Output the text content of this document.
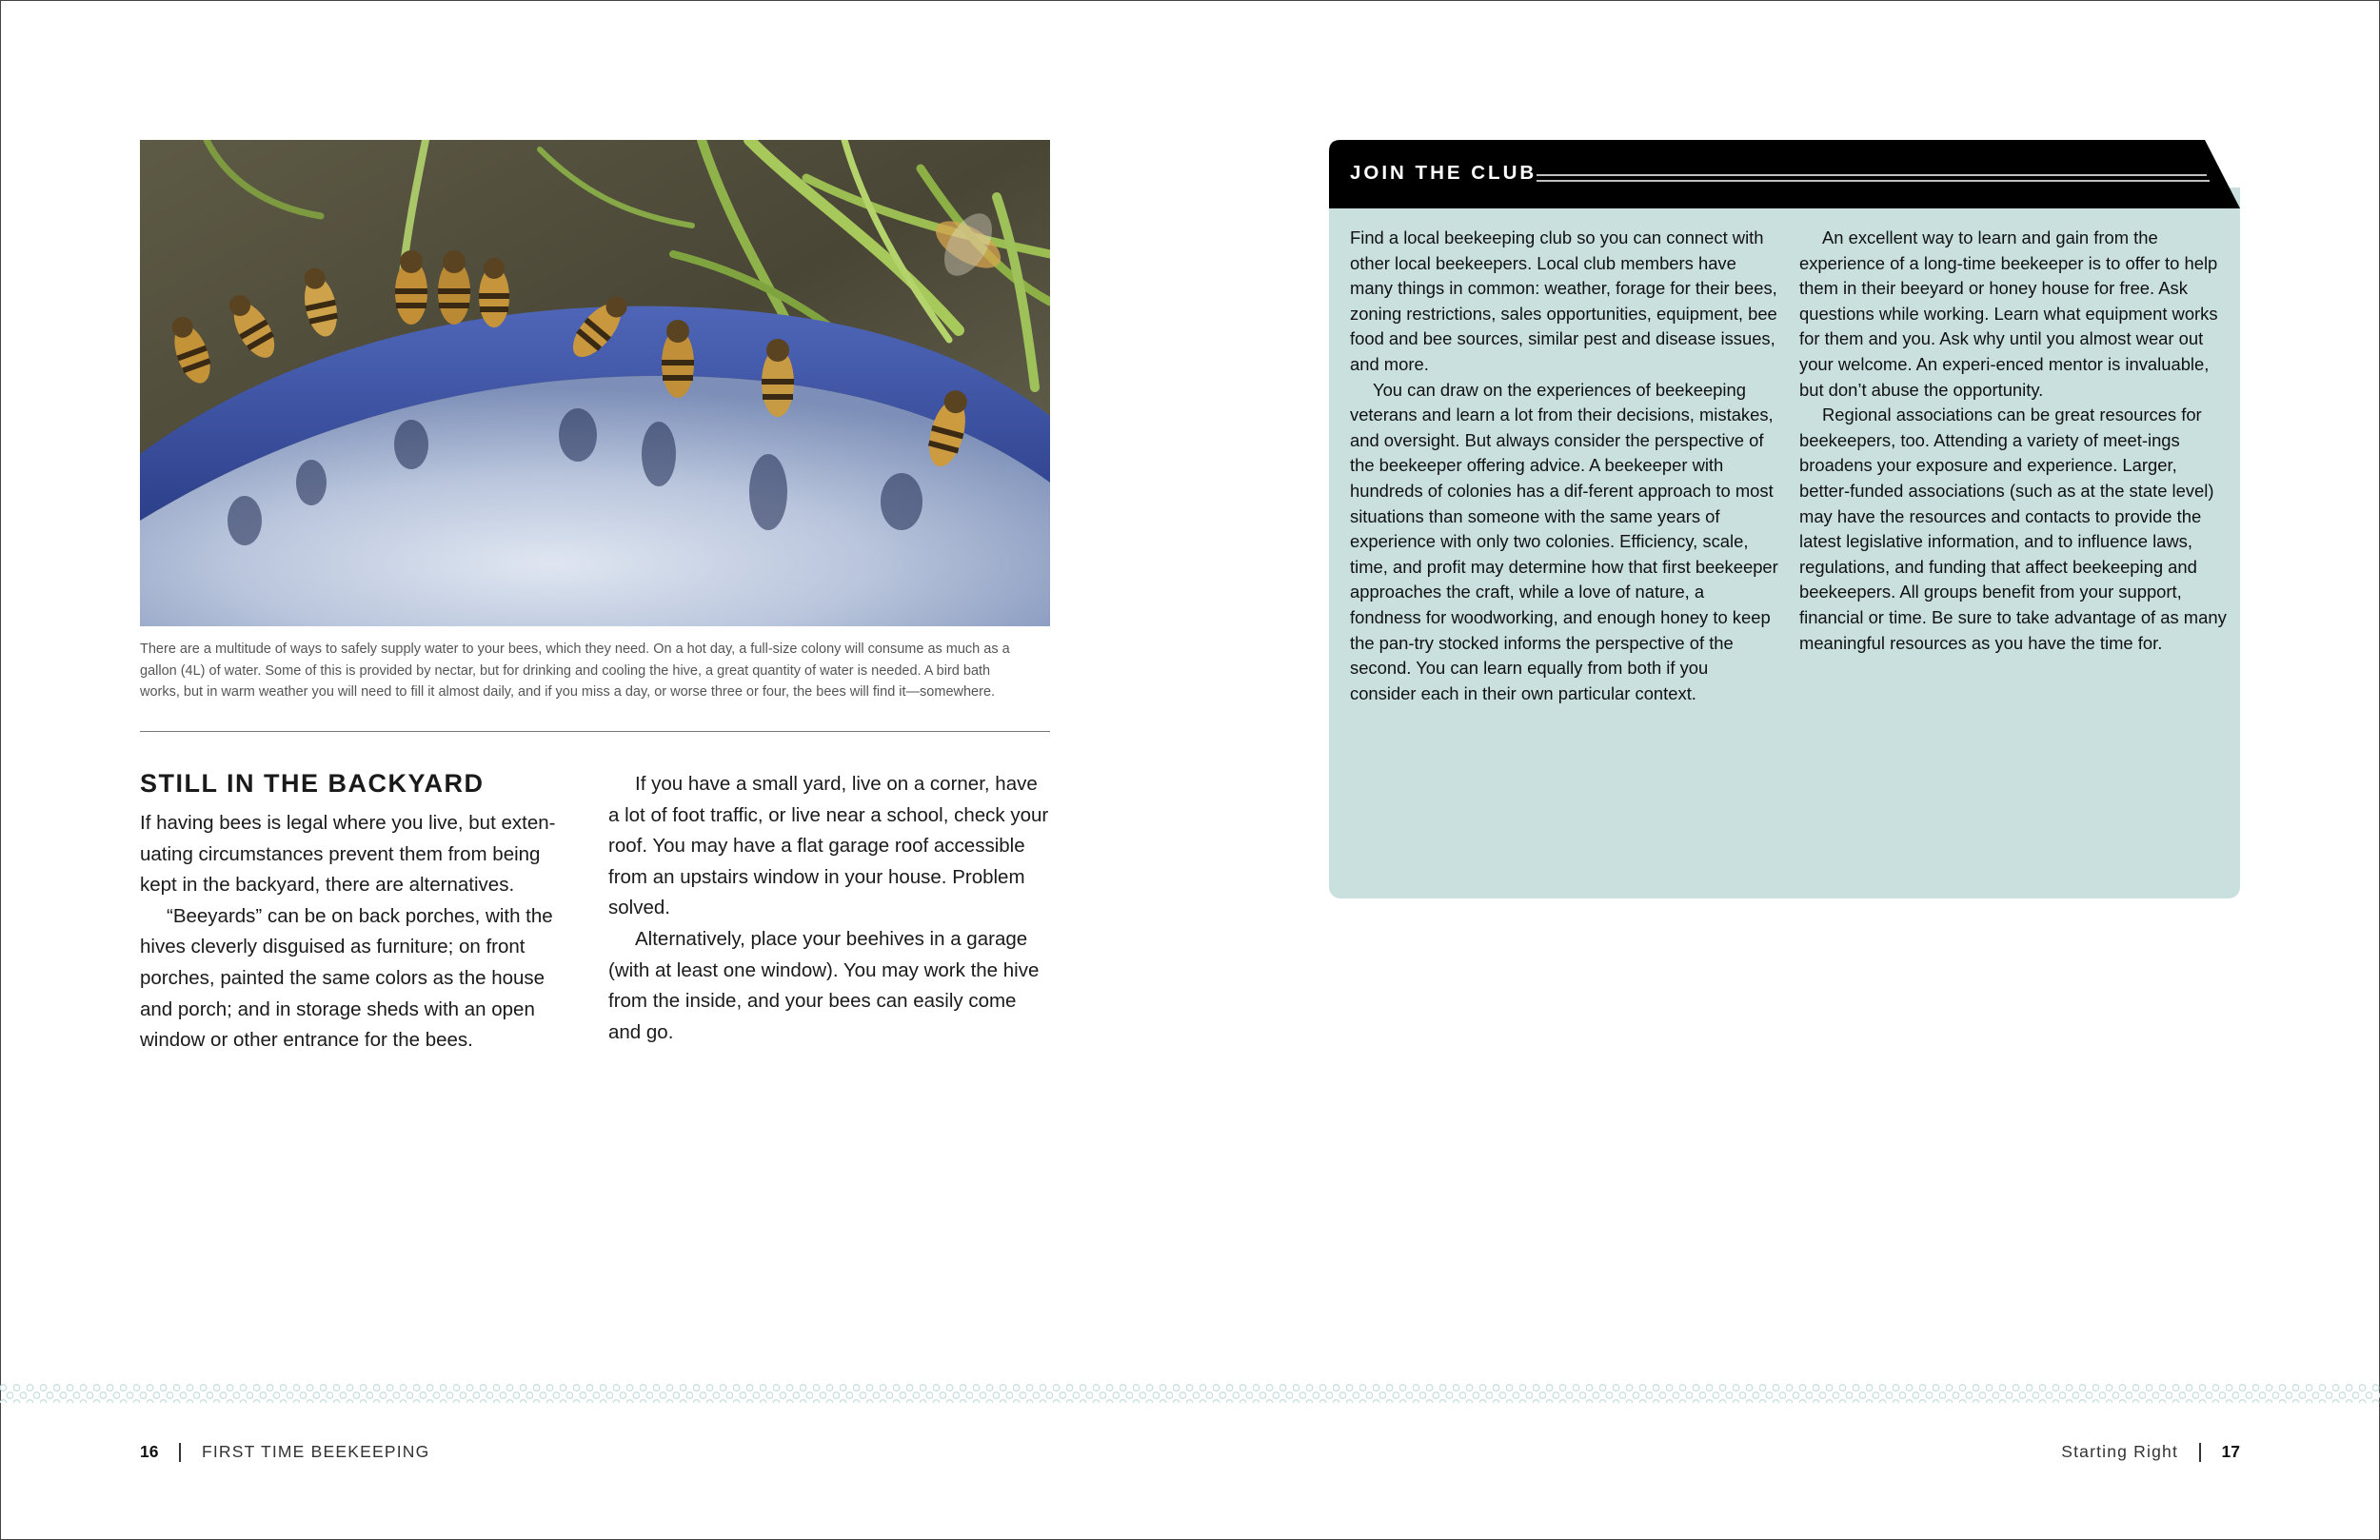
There are a multitude of ways to safely supply water to your bees, which they need. On a hot day, a full-size colony will consume as much as a gallon (4L) of water. Some of this is provided by nectar, but for drinking and cooling the hive, a great quantity of water is needed. A bird bath works, but in warm weather you will need to fill it almost daily, and if you miss a day, or worse three or four, the bees will find it—somewhere.
STILL IN THE BACKYARD

If having bees is legal where you live, but exten-uating circumstances prevent them from being kept in the backyard, there are alternatives.

“Beeyards” can be on back porches, with the hives cleverly disguised as furniture; on front porches, painted the same colors as the house and porch; and in storage sheds with an open window or other entrance for the bees.

If you have a small yard, live on a corner, have a lot of foot traffic, or live near a school, check your roof. You may have a flat garage roof accessible from an upstairs window in your house. Problem solved.

Alternatively, place your beehives in a garage (with at least one window). You may work the hive from the inside, and your bees can easily come and go.

JOIN THE CLUB

Find a local beekeeping club so you can connect with other local beekeepers. Local club members have many things in common: weather, forage for their bees, zoning restrictions, sales opportunities, equipment, bee food and bee sources, similar pest and disease issues, and more.

You can draw on the experiences of beekeeping veterans and learn a lot from their decisions, mistakes, and oversight. But always consider the perspective of the beekeeper offering advice. A beekeeper with hundreds of colonies has a dif-ferent approach to most situations than someone with the same years of experience with only two colonies. Efficiency, scale, time, and profit may determine how that first beekeeper approaches the craft, while a love of nature, a fondness for woodworking, and enough honey to keep the pan-try stocked informs the perspective of the second. You can learn equally from both if you consider each in their own particular context.

An excellent way to learn and gain from the experience of a long-time beekeeper is to offer to help them in their beeyard or honey house for free. Ask questions while working. Learn what equipment works for them and you. Ask why until you almost wear out your welcome. An experi-enced mentor is invaluable, but don’t abuse the opportunity.

Regional associations can be great resources for beekeepers, too. Attending a variety of meet-ings broadens your exposure and experience. Larger, better-funded associations (such as at the state level) may have the resources and contacts to provide the latest legislative information, and to influence laws, regulations, and funding that affect beekeeping and beekeepers. All groups benefit from your support, financial or time. Be sure to take advantage of as many meaningful resources as you have the time for.

16	FIRST TIME BEEKEEPING	Starting Right	17
